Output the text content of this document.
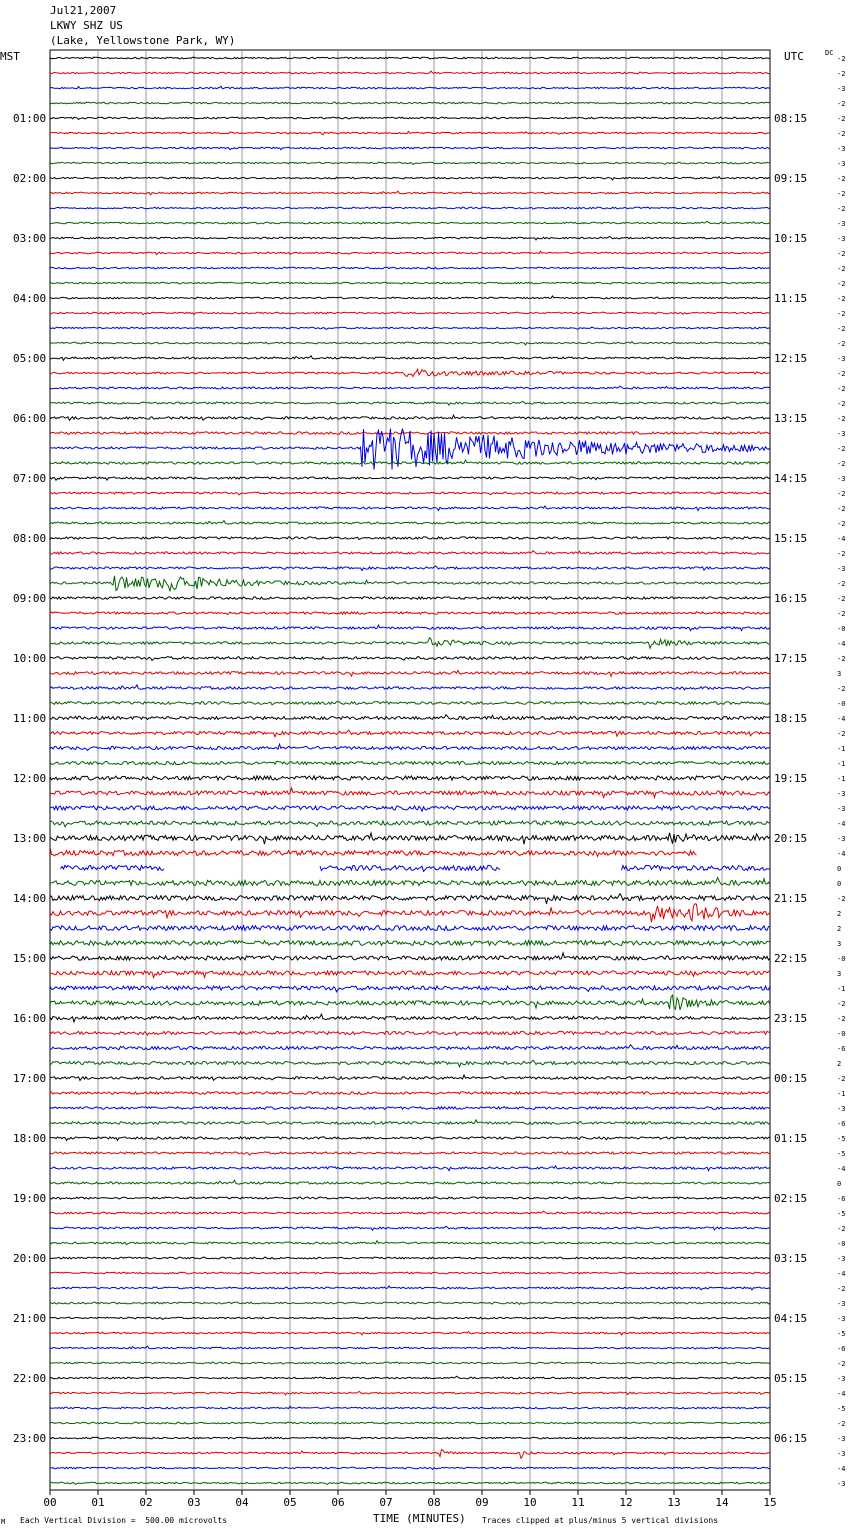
Jul21,2007
LKWY SHZ US
(Lake, Yellowstone Park, WY)
MST	UTC	DC
-2
-2
-3
-2
-2
-2
-3
-3
-2
-2
-2
-3
-3
-2
-2
-2
-2
-2
-2
-2
-3
-2
-2
-2
-2
-3
-2
-2
-3
-2
-2
-2
-4
-2
-3
-2
-2
-2
-0
-4
-2
3
-2
-0
-4
-2
-1
-1
-1
-3
-3
-4
-3
-4
0
0
-2
2
2
3
-0
3
-1
-2
-2
-0
-6
2
-2
-1
-3
-6
-5
-5
-4
0
-6
-5
-2
-0
-3
-4
-2
-3
-3
-5
-6
-2
-3
-4
-5
-2
-3
-3
-4
-3
01:00
02:00
03:00
04:00
05:00
06:00
07:00
08:00
09:00
10:00
11:00
12:00
13:00
14:00
15:00
16:00
17:00
18:00
19:00
20:00
21:00
22:00
23:00
08:15
09:15
10:15
11:15
12:15
13:15
14:15
15:15
16:15
17:15
18:15
19:15
20:15
21:15
22:15
23:15
00:15
01:15
02:15
03:15
04:15
05:15
06:15
00	01	02	03	04	05	06	07	08	09	10	11	12	13	14	15
M Each Vertical Division =  500.00 microvolts	TIME (MINUTES) Traces clipped at plus/minus 5 vertical divisions
